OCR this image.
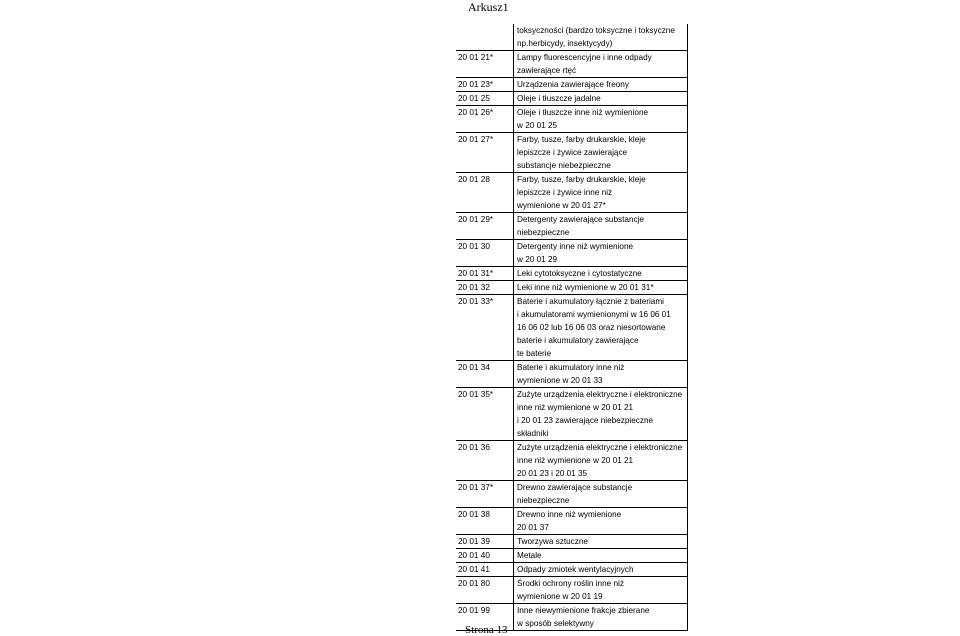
Arkusz1

	toksyczności (bardzo toksyczne i toksyczne
np.herbicydy, insektycydy)

20 01 21*	Lampy fluorescencyjne i inne odpady
zawierające rtęć

20 01 23*	Urządzenia zawierające freony

20 01 25	Oleje i tłuszcze jadalne

20 01 26*	Oleje i tłuszcze inne niż wymienione
w 20 01 25

20 01 27*	Farby, tusze, farby drukarskie, kleje
lepiszcze i żywice zawierające
substancje niebezpieczne

20 01 28	Farby, tusze, farby drukarskie, kleje
lepiszcze i żywice inne niż
wymienione w 20 01 27*

20 01 29*	Detergenty zawierające substancje
niebezpieczne

20 01 30	Detergenty inne niż wymienione
w 20 01 29

20 01 31*	Leki cytotoksyczne i cytostatyczne

20 01 32	Leki inne niż wymienione w 20 01 31*

20 01 33*	Baterie i akumulatory łącznie z bateriami
i akumulatorami wymienionymi w 16 06 01
16 06 02 lub 16 06 03 oraz niesortowane
baterie i akumulatory zawierające
te baterie

20 01 34	Baterie i akumulatory inne niż
wymienione w 20 01 33

20 01 35*	Zużyte urządzenia elektryczne i elektroniczne
inne niż wymienione w 20 01 21
i 20 01 23 zawierające niebezpieczne
składniki

20 01 36	Zużyte urządzenia elektryczne i elektroniczne
inne niż wymienione w 20 01 21
20 01 23 i 20 01 35

20 01 37*	Drewno zawierające substancje
niebezpieczne

20 01 38	Drewno inne niż wymienione
20 01 37

20 01 39	Tworzywa sztuczne

20 01 40	Metale

20 01 41	Odpady zmiotek wentylacyjnych

20 01 80	Środki ochrony roślin inne niż
wymienione w 20 01 19

20 01 99	Inne niewymienione frakcje zbierane
w sposób selektywny
Strona 13
